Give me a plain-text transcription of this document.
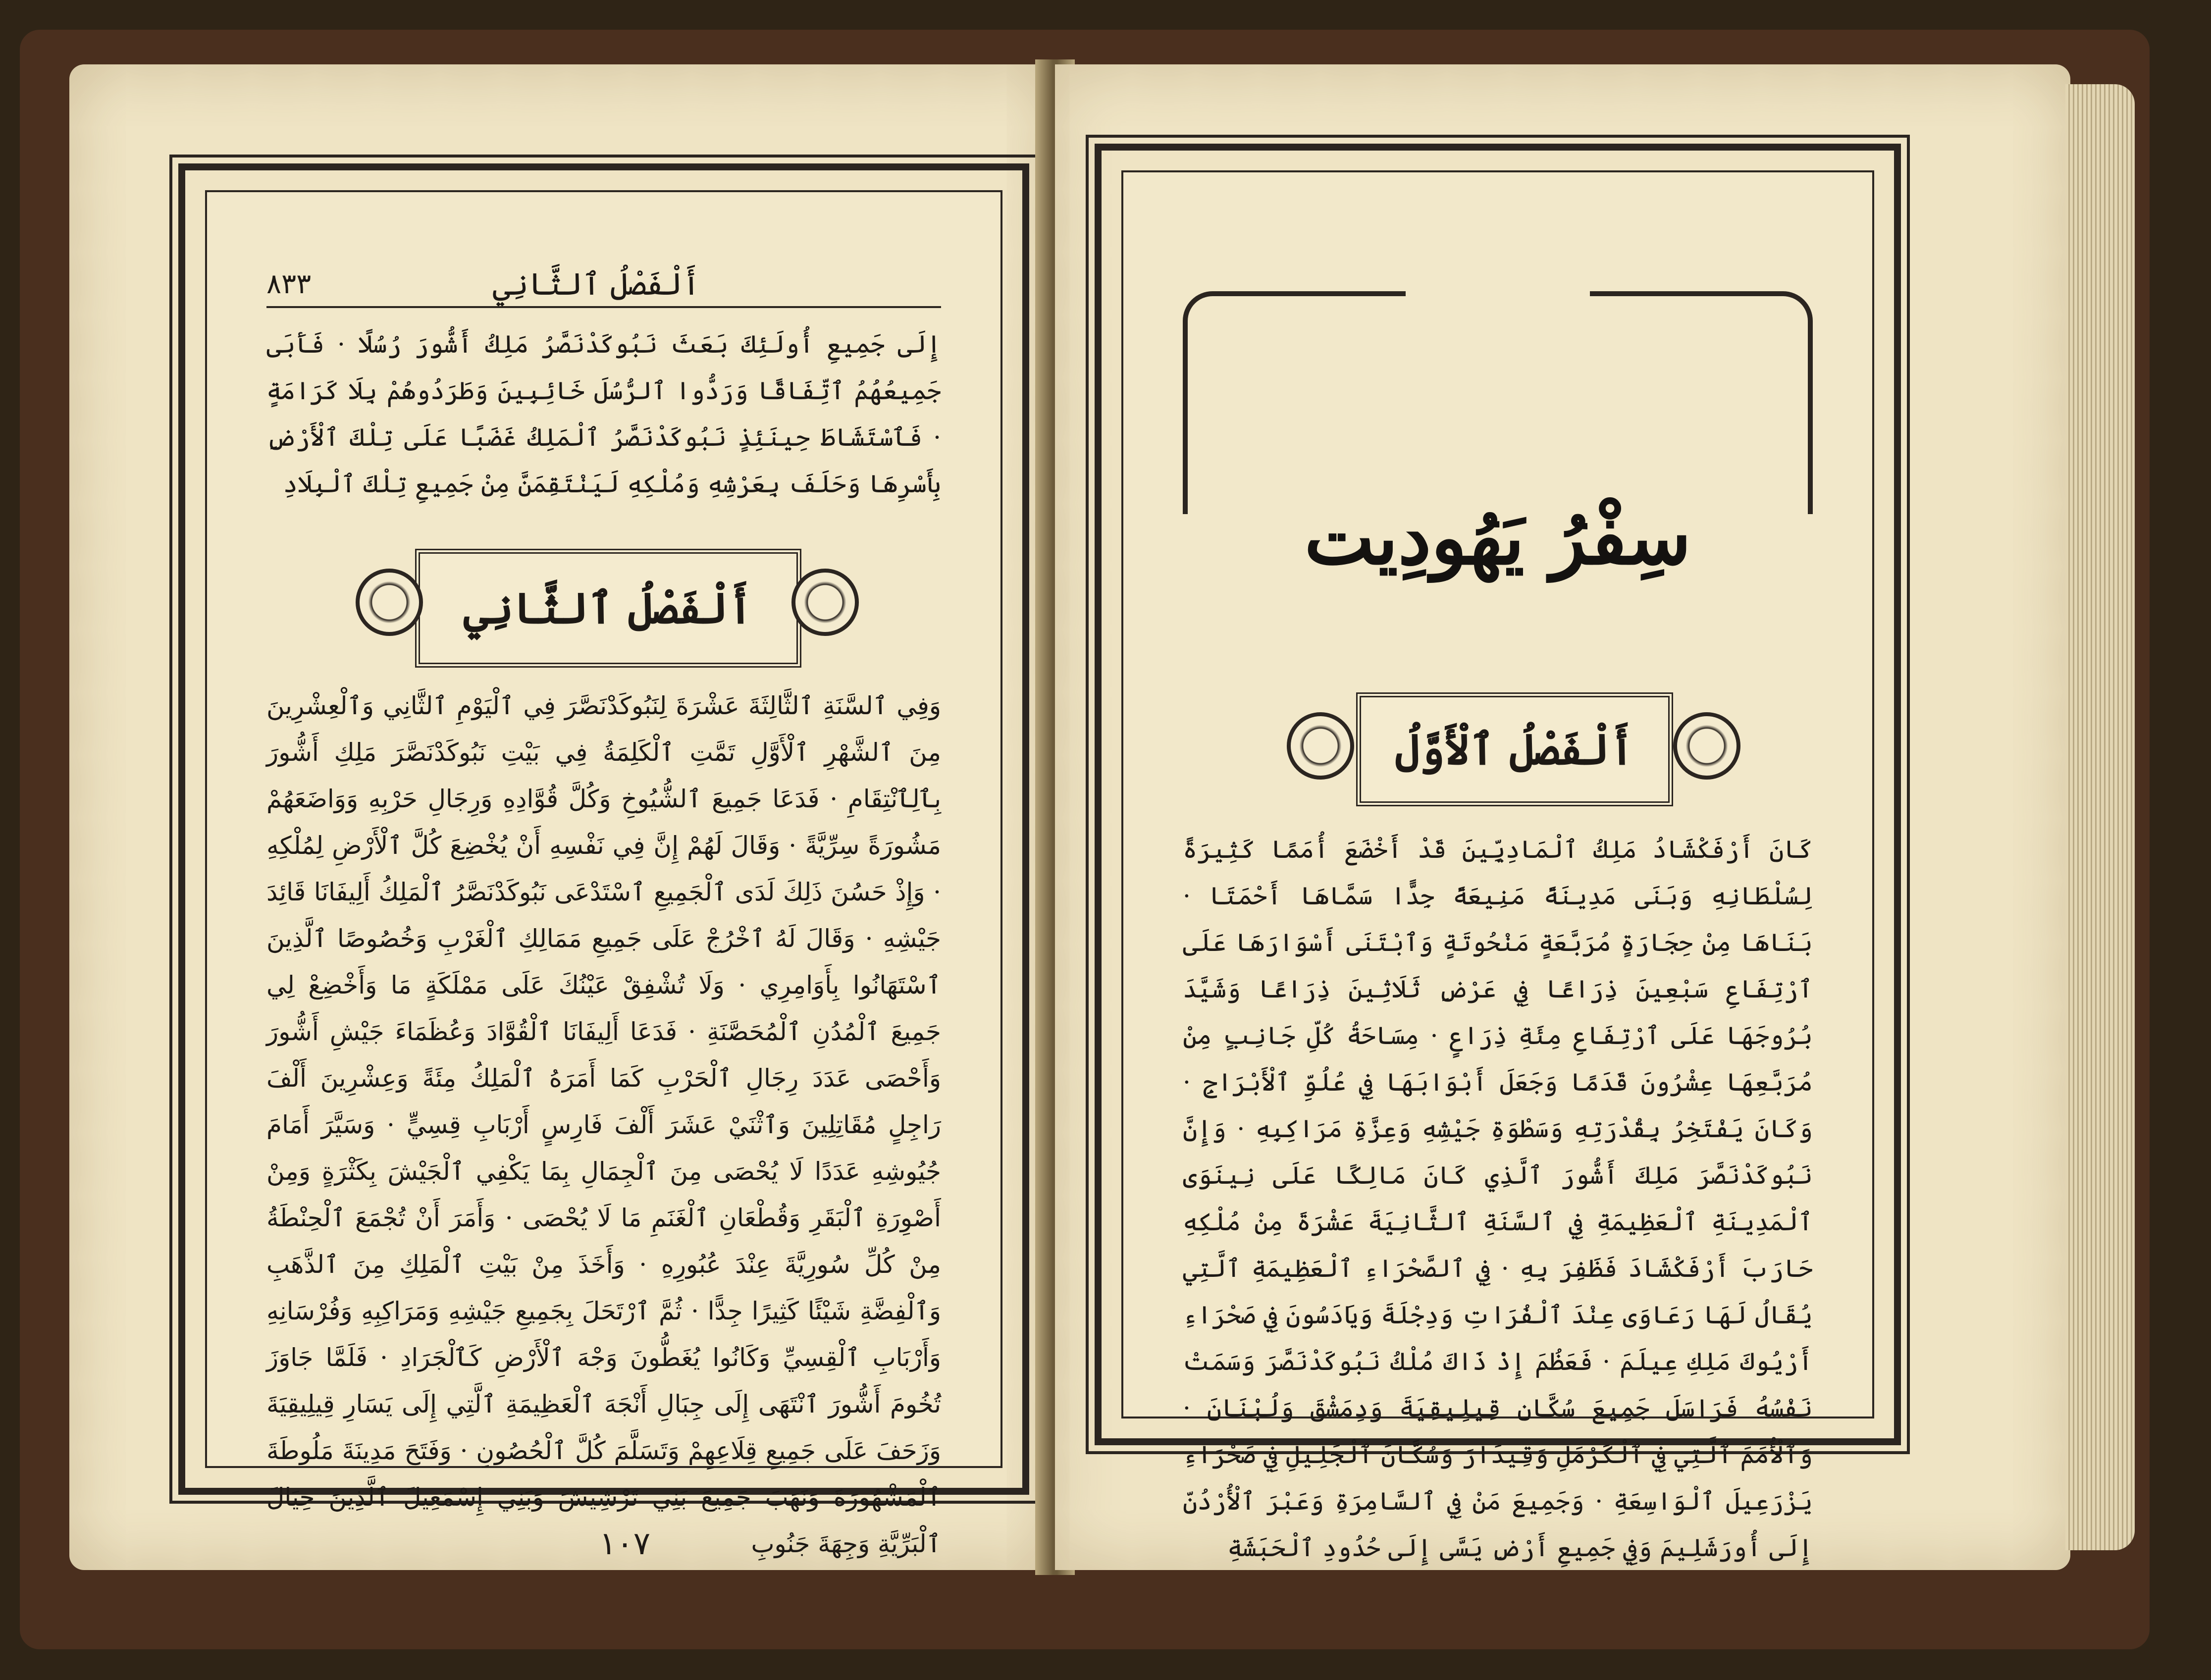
٨٣٣	أَلْفَصْلُ ٱلثَّانِي
إِلَى جَمِيعِ أُولَئِكَ بَعَثَ نَبُوكَدْنَصَّرُ مَلِكُ أَشُّورَ رُسُلًا · فَأَبَى جَمِيعُهُمُ ٱتِّفَاقًا وَرَدُّوا ٱلرُّسُلَ خَائِبِينَ وَطَرَدُوهُمْ بِلَا كَرَامَةٍ · فَٱسْتَشَاطَ حِينَئِذٍ نَبُوكَدْنَصَّرُ ٱلْمَلِكُ غَضَبًا عَلَى تِلْكَ ٱلْأَرْضِ بِأَسْرِهَا وَحَلَفَ بِعَرْشِهِ وَمُلْكِهِ لَيَنْتَقِمَنَّ مِنْ جَمِيعِ تِلْكَ ٱلْبِلَادِ
أَلْفَصْلُ ٱلثَّانِي
وَفِي ٱلسَّنَةِ ٱلثَّالِثَةَ عَشْرَةَ لِنَبُوكَدْنَصَّرَ فِي ٱلْيَوْمِ ٱلثَّانِي وَٱلْعِشْرِينَ مِنَ ٱلشَّهْرِ ٱلْأَوَّلِ تَمَّتِ ٱلْكَلِمَةُ فِي بَيْتِ نَبُوكَدْنَصَّرَ مَلِكِ أَشُّورَ بِٱلِٱنْتِقَامِ · فَدَعَا جَمِيعَ ٱلشُّيُوخِ وَكُلَّ قُوَّادِهِ وَرِجَالِ حَرْبِهِ وَوَاضَعَهُمْ مَشُورَةً سِرِّيَّةً · وَقَالَ لَهُمْ إِنَّ فِي نَفْسِهِ أَنْ يُخْضِعَ كُلَّ ٱلْأَرْضِ لِمُلْكِهِ · وَإِذْ حَسُنَ ذَلِكَ لَدَى ٱلْجَمِيعِ ٱسْتَدْعَى نَبُوكَدْنَصَّرُ ٱلْمَلِكُ أَلِيفَانَا قَائِدَ جَيْشِهِ · وَقَالَ لَهُ ٱخْرُجْ عَلَى جَمِيعِ مَمَالِكِ ٱلْغَرْبِ وَخُصُوصًا ٱلَّذِينَ ٱسْتَهَانُوا بِأَوَامِرِي · وَلَا تُشْفِقْ عَيْنُكَ عَلَى مَمْلَكَةٍ مَا وَأَخْضِعْ لِي جَمِيعَ ٱلْمُدُنِ ٱلْمُحَصَّنَةِ · فَدَعَا أَلِيفَانَا ٱلْقُوَّادَ وَعُظَمَاءَ جَيْشِ أَشُّورَ وَأَحْصَى عَدَدَ رِجَالِ ٱلْحَرْبِ كَمَا أَمَرَهُ ٱلْمَلِكُ مِئَةً وَعِشْرِينَ أَلْفَ رَاجِلٍ مُقَاتِلِينَ وَٱثْنَيْ عَشَرَ أَلْفَ فَارِسٍ أَرْبَابِ قِسِيٍّ · وَسَيَّرَ أَمَامَ جُيُوشِهِ عَدَدًا لَا يُحْصَى مِنَ ٱلْجِمَالِ بِمَا يَكْفِي ٱلْجَيْشَ بِكَثْرَةٍ وَمِنْ أَصْوِرَةِ ٱلْبَقَرِ وَقُطْعَانِ ٱلْغَنَمِ مَا لَا يُحْصَى · وَأَمَرَ أَنْ تُجْمَعَ ٱلْحِنْطَةُ مِنْ كُلِّ سُورِيَّةَ عِنْدَ عُبُورِهِ · وَأَخَذَ مِنْ بَيْتِ ٱلْمَلِكِ مِنَ ٱلذَّهَبِ وَٱلْفِضَّةِ شَيْئًا كَثِيرًا جِدًّا · ثُمَّ ٱرْتَحَلَ بِجَمِيعِ جَيْشِهِ وَمَرَاكِبِهِ وَفُرْسَانِهِ وَأَرْبَابِ ٱلْقِسِيِّ وَكَانُوا يُغَطُّونَ وَجْهَ ٱلْأَرْضِ كَٱلْجَرَادِ · فَلَمَّا جَاوَزَ تُخُومَ أَشُّورَ ٱنْتَهَى إِلَى جِبَالِ أَنْجَهَ ٱلْعَظِيمَةِ ٱلَّتِي إِلَى يَسَارِ قِيلِيقِيَةَ وَزَحَفَ عَلَى جَمِيعِ قِلَاعِهِمْ وَتَسَلَّمَ كُلَّ ٱلْحُصُونِ · وَفَتَحَ مَدِينَةَ مَلُوطَةَ ٱلْمَشْهُورَةَ وَنَهَبَ جَمِيعَ بَنِي تَرْشِيشَ وَبَنِي إِسْمَعِيلَ ٱلَّذِينَ حِيَالَ ٱلْبَرِّيَّةِ وَجِهَةَ جَنُوبِ
١٠٧
سِفْرُ يَهُودِيت
أَلْفَصْلُ ٱلْأَوَّلُ
كَانَ أَرْفَكْشَادُ مَلِكُ ٱلْمَادِيِّينَ قَدْ أَخْضَعَ أُمَمًا كَثِيرَةً لِسُلْطَانِهِ وَبَنَى مَدِينَةً مَنِيعَةً جِدًّا سَمَّاهَا أَحْمَتَا · بَنَاهَا مِنْ حِجَارَةٍ مُرَبَّعَةٍ مَنْحُوتَةٍ وَٱبْتَنَى أَسْوَارَهَا عَلَى ٱرْتِفَاعِ سَبْعِينَ ذِرَاعًا فِي عَرْضِ ثَلَاثِينَ ذِرَاعًا وَشَيَّدَ بُرُوجَهَا عَلَى ٱرْتِفَاعِ مِئَةِ ذِرَاعٍ · مِسَاحَةُ كُلِّ جَانِبٍ مِنْ مُرَبَّعِهَا عِشْرُونَ قَدَمًا وَجَعَلَ أَبْوَابَهَا فِي عُلُوِّ ٱلْأَبْرَاجِ · وَكَانَ يَفْتَخِرُ بِقُدْرَتِهِ وَسَطْوَةِ جَيْشِهِ وَعِزَّةِ مَرَاكِبِهِ · وَإِنَّ نَبُوكَدْنَصَّرَ مَلِكَ أَشُّورَ ٱلَّذِي كَانَ مَالِكًا عَلَى نِينَوَى ٱلْمَدِينَةِ ٱلْعَظِيمَةِ فِي ٱلسَّنَةِ ٱلثَّانِيَةَ عَشْرَةَ مِنْ مُلْكِهِ حَارَبَ أَرْفَكْشَادَ فَظَفِرَ بِهِ · فِي ٱلصَّحْرَاءِ ٱلْعَظِيمَةِ ٱلَّتِي يُقَالُ لَهَا رَعَاوَى عِنْدَ ٱلْفُرَاتِ وَدِجْلَةَ وَيَادَسُونَ فِي صَحْرَاءِ أَرْيُوكَ مَلِكِ عِيلَمَ · فَعَظُمَ إِذْ ذَاكَ مُلْكُ نَبُوكَدْنَصَّرَ وَسَمَتْ نَفْسُهُ فَرَاسَلَ جَمِيعَ سُكَّانِ قِيلِيقِيَةَ وَدِمَشْقَ وَلُبْنَانَ · وَٱلْأُمَمَ ٱلَّتِي فِي ٱلْكَرْمَلِ وَقِيدَارَ وَسُكَّانَ ٱلْجَلِيلِ فِي صَحْرَاءِ يَزْرَعِيلَ ٱلْوَاسِعَةِ · وَجَمِيعَ مَنْ فِي ٱلسَّامِرَةِ وَعَبْرَ ٱلْأُرْدُنِّ إِلَى أُورَشَلِيمَ وَفِي جَمِيعِ أَرْضِ يَسَّى إِلَى حُدُودِ ٱلْحَبَشَةِ
